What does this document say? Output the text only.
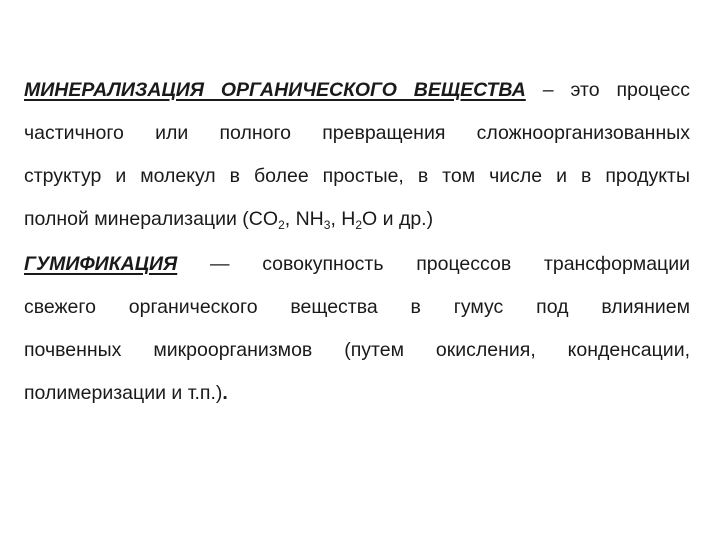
МИНЕРАЛИЗАЦИЯ ОРГАНИЧЕСКОГО ВЕЩЕСТВА – это процесс
частичного или полного превращения сложноорганизованных
структур и молекул в более простые, в том числе и в продукты
полной минерализации ($CO_2$, $NH_3$, $H_2O$ и др.)
ГУМИФИКАЦИЯ — совокупность процессов трансформации
свежего органического вещества в гумус под влиянием
почвенных микроорганизмов (путем окисления, конденсации,
полимеризации и т.п.).
